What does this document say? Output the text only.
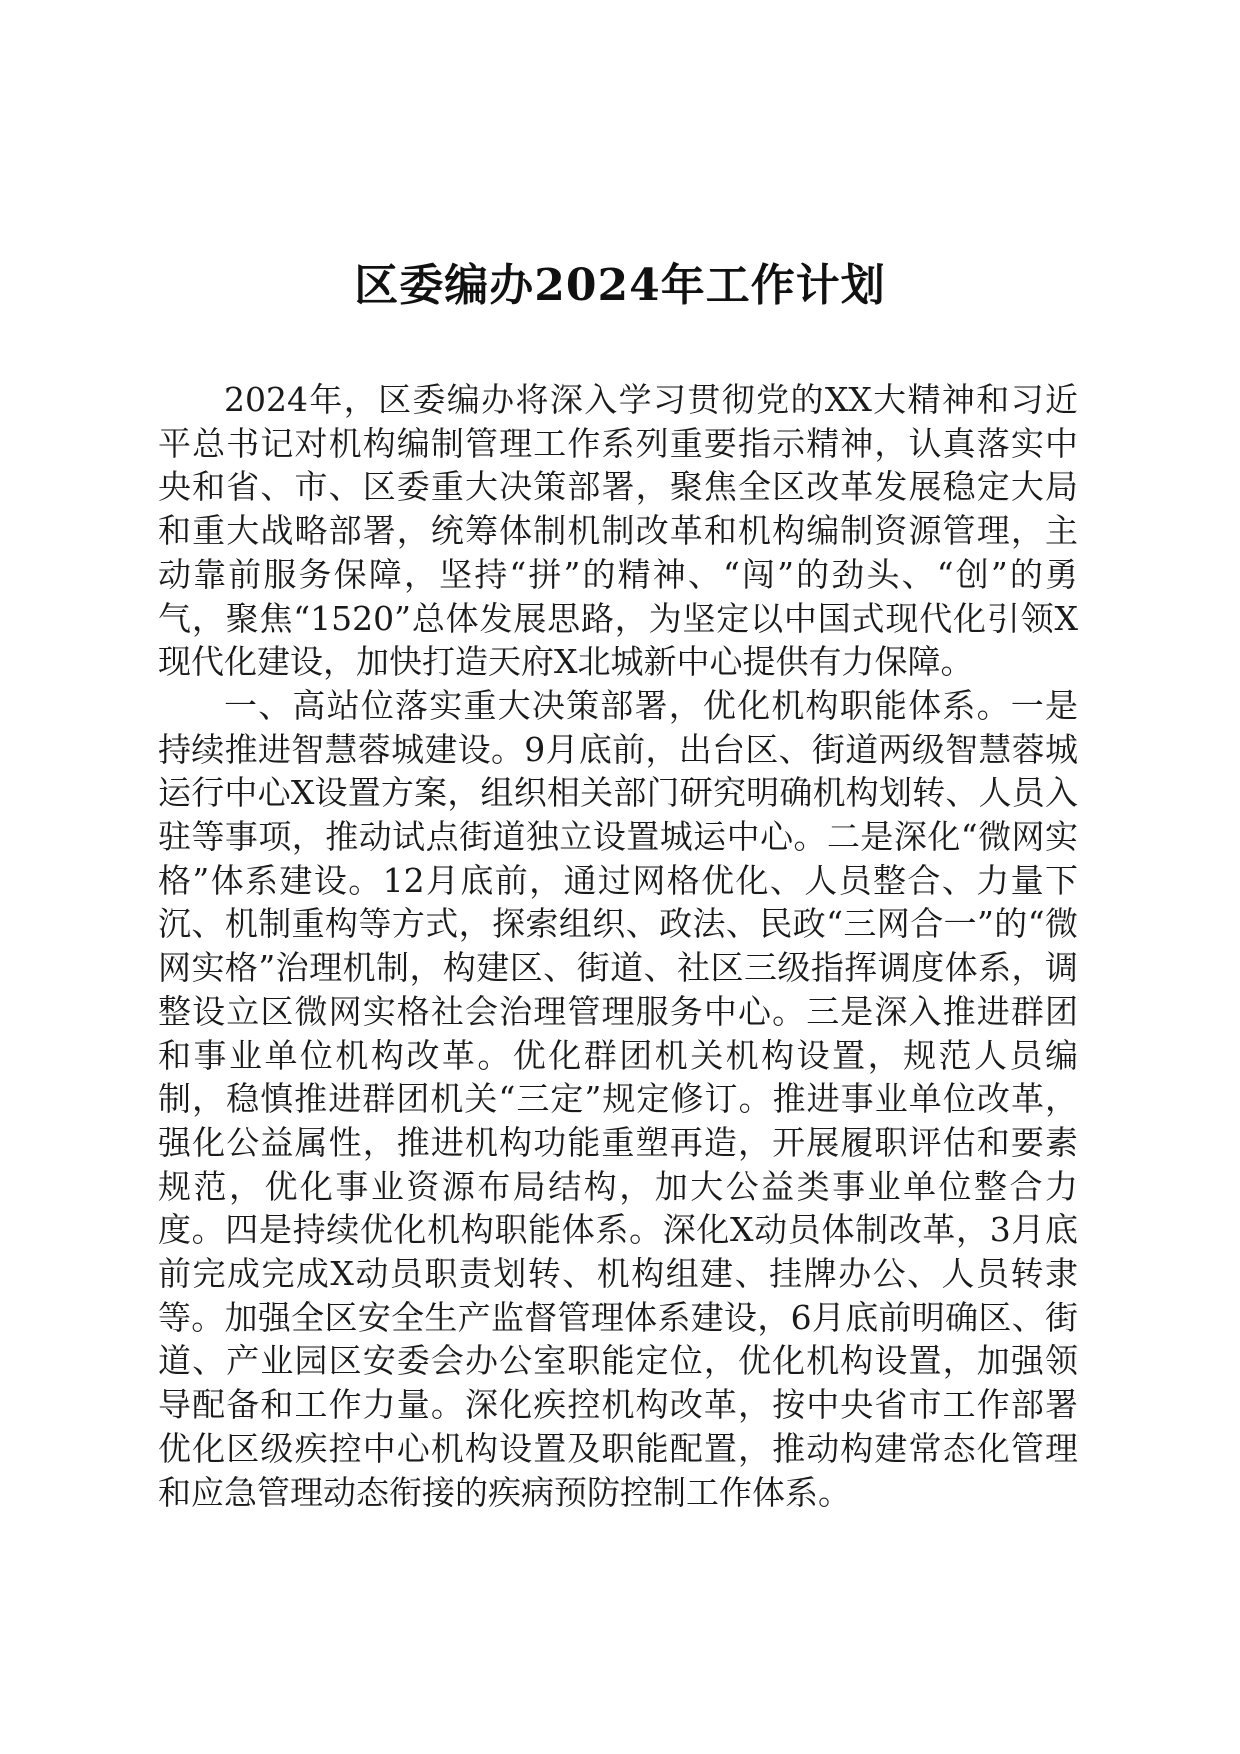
区委编办2024年工作计划

2024年，区委编办将深入学习贯彻党的XX大精神和习近平总书记对机构编制管理工作系列重要指示精神，认真落实中央和省、市、区委重大决策部署，聚焦全区改革发展稳定大局和重大战略部署，统筹体制机制改革和机构编制资源管理，主动靠前服务保障，坚持“拼”的精神、“闯”的劲头、“创”的勇气，聚焦“1520”总体发展思路，为坚定以中国式现代化引领X现代化建设，加快打造天府X北城新中心提供有力保障。

一、高站位落实重大决策部署，优化机构职能体系。一是持续推进智慧蓉城建设。9月底前，出台区、街道两级智慧蓉城运行中心X设置方案，组织相关部门研究明确机构划转、人员入驻等事项，推动试点街道独立设置城运中心。二是深化“微网实格”体系建设。12月底前，通过网格优化、人员整合、力量下沉、机制重构等方式，探索组织、政法、民政“三网合一”的“微网实格”治理机制，构建区、街道、社区三级指挥调度体系，调整设立区微网实格社会治理管理服务中心。三是深入推进群团和事业单位机构改革。优化群团机关机构设置，规范人员编制，稳慎推进群团机关“三定”规定修订。推进事业单位改革，强化公益属性，推进机构功能重塑再造，开展履职评估和要素规范，优化事业资源布局结构，加大公益类事业单位整合力度。四是持续优化机构职能体系。深化X动员体制改革，3月底前完成完成X动员职责划转、机构组建、挂牌办公、人员转隶等。加强全区安全生产监督管理体系建设，6月底前明确区、街道、产业园区安委会办公室职能定位，优化机构设置，加强领导配备和工作力量。深化疾控机构改革，按中央省市工作部署优化区级疾控中心机构设置及职能配置，推动构建常态化管理和应急管理动态衔接的疾病预防控制工作体系。
